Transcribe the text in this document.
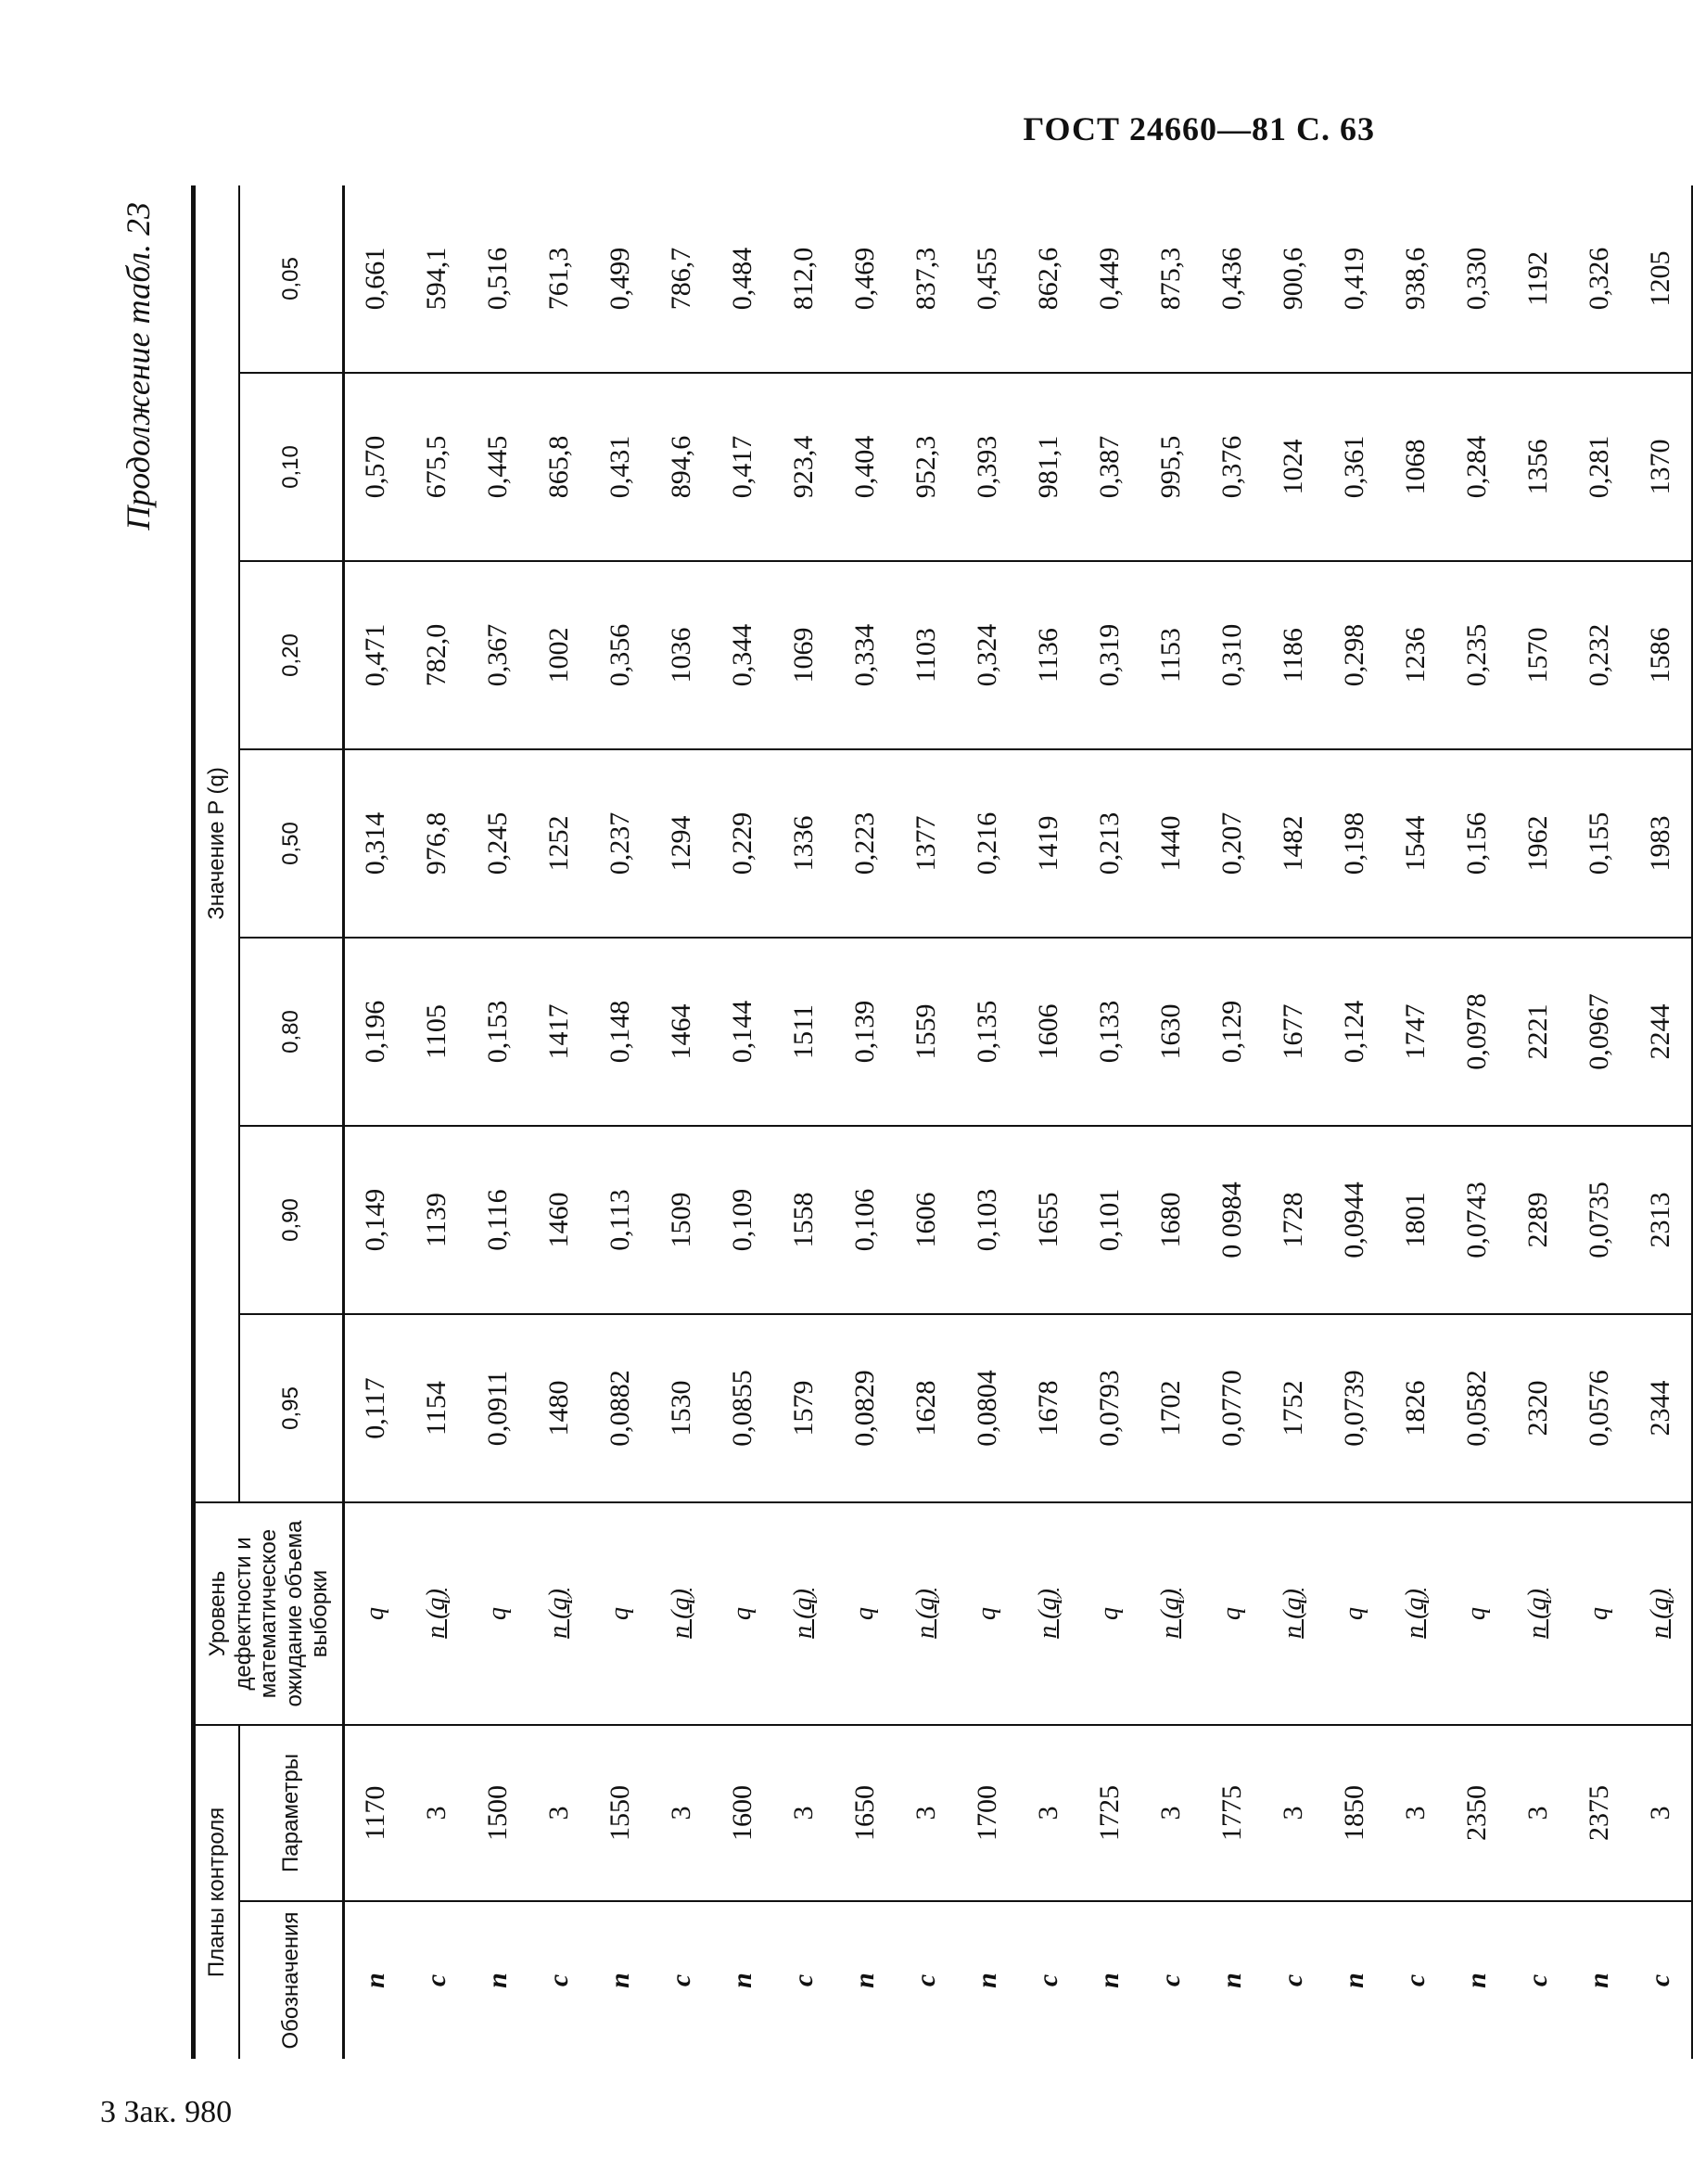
ГОСТ 24660—81 С. 63
Продолжение табл. 23
Планы контроля		Уровень дефектности и математическое ожидание объема выборки	Значение P (q)						
Обозначения	Параметры		0,95	0,90	0,80	0,50	0,20	0,10	0,05
n	1170	q	0,117	0,149	0,196	0,314	0,471	0,570	0,661
c	3	n (q)	1154	1139	1105	976,8	782,0	675,5	594,1
n	1500	q	0,0911	0,116	0,153	0,245	0,367	0,445	0,516
c	3	n (q)	1480	1460	1417	1252	1002	865,8	761,3
n	1550	q	0,0882	0,113	0,148	0,237	0,356	0,431	0,499
c	3	n (q)	1530	1509	1464	1294	1036	894,6	786,7
n	1600	q	0,0855	0,109	0,144	0,229	0,344	0,417	0,484
c	3	n (q)	1579	1558	1511	1336	1069	923,4	812,0
n	1650	q	0,0829	0,106	0,139	0,223	0,334	0,404	0,469
c	3	n (q)	1628	1606	1559	1377	1103	952,3	837,3
n	1700	q	0,0804	0,103	0,135	0,216	0,324	0,393	0,455
c	3	n (q)	1678	1655	1606	1419	1136	981,1	862,6
n	1725	q	0,0793	0,101	0,133	0,213	0,319	0,387	0,449
c	3	n (q)	1702	1680	1630	1440	1153	995,5	875,3
n	1775	q	0,0770	0 0984	0,129	0,207	0,310	0,376	0,436
c	3	n (q)	1752	1728	1677	1482	1186	1024	900,6
n	1850	q	0,0739	0,0944	0,124	0,198	0,298	0,361	0,419
c	3	n (q)	1826	1801	1747	1544	1236	1068	938,6
n	2350	q	0,0582	0,0743	0,0978	0,156	0,235	0,284	0,330
c	3	n (q)	2320	2289	2221	1962	1570	1356	1192
n	2375	q	0,0576	0,0735	0,0967	0,155	0,232	0,281	0,326
c	3	n (q)	2344	2313	2244	1983	1586	1370	1205
3 Зак. 980
